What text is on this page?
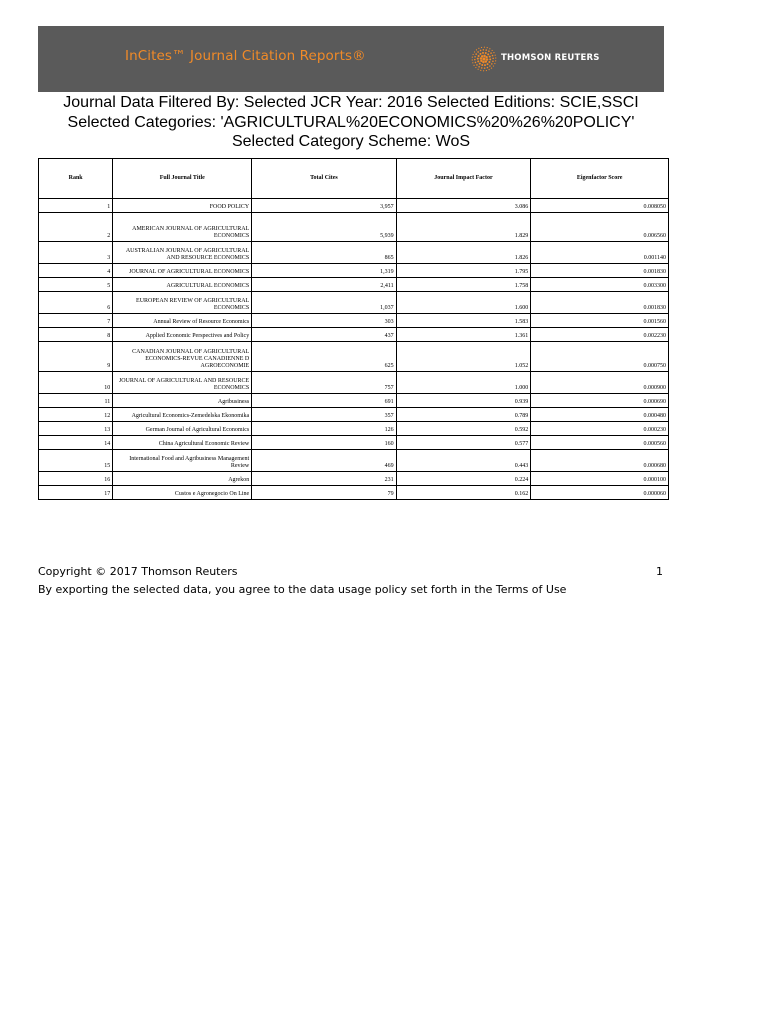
InCites™ Journal Citation Reports®	THOMSON REUTERS
Journal Data Filtered By: Selected JCR Year: 2016 Selected Editions: SCIE,SSCI
Selected Categories: 'AGRICULTURAL%20ECONOMICS%20%26%20POLICY'
Selected Category Scheme: WoS
Rank	Full Journal Title	Total Cites	Journal Impact Factor	Eigenfactor Score
1	FOOD POLICY	3,957	3.086	0.008050
2	AMERICAN JOURNAL OF AGRICULTURAL ECONOMICS	5,939	1.829	0.006560
3	AUSTRALIAN JOURNAL OF AGRICULTURAL AND RESOURCE ECONOMICS	865	1.826	0.001140
4	JOURNAL OF AGRICULTURAL ECONOMICS	1,319	1.795	0.001830
5	AGRICULTURAL ECONOMICS	2,411	1.758	0.003300
6	EUROPEAN REVIEW OF AGRICULTURAL ECONOMICS	1,037	1.600	0.001830
7	Annual Review of Resource Economics	303	1.583	0.001560
8	Applied Economic Perspectives and Policy	437	1.361	0.002230
9	CANADIAN JOURNAL OF AGRICULTURAL ECONOMICS-REVUE CANADIENNE D AGROECONOMIE	625	1.052	0.000750
10	JOURNAL OF AGRICULTURAL AND RESOURCE ECONOMICS	757	1.000	0.000900
11	Agribusiness	691	0.939	0.000690
12	Agricultural Economics-Zemedelska Ekonomika	357	0.789	0.000480
13	German Journal of Agricultural Economics	126	0.592	0.000230
14	China Agricultural Economic Review	160	0.577	0.000560
15	International Food and Agribusiness Management Review	469	0.443	0.000680
16	Agrekon	231	0.224	0.000100
17	Custos e Agronegocio On Line	79	0.162	0.000060
Copyright © 2017 Thomson Reuters	1
By exporting the selected data, you agree to the data usage policy set forth in the Terms of Use
